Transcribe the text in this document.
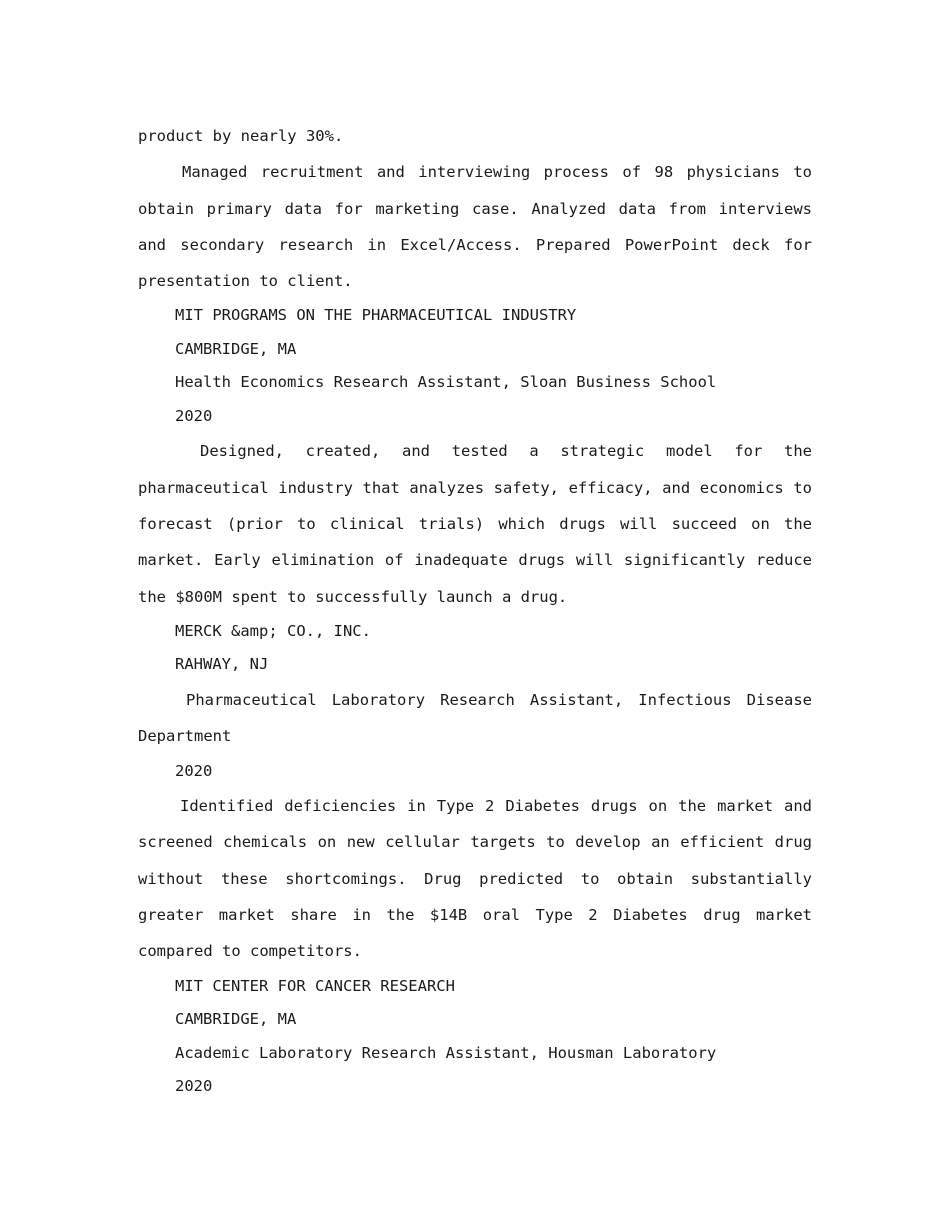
product by nearly 30%.

Managed recruitment and interviewing process of 98 physicians to obtain primary data for marketing case. Analyzed data from interviews and secondary research in Excel/Access. Prepared PowerPoint deck for presentation to client.

MIT PROGRAMS ON THE PHARMACEUTICAL INDUSTRY

CAMBRIDGE, MA

Health Economics Research Assistant, Sloan Business School

2020

Designed, created, and tested a strategic model for the pharmaceutical industry that analyzes safety, efficacy, and economics to forecast (prior to clinical trials) which drugs will succeed on the market. Early elimination of inadequate drugs will significantly reduce the $800M spent to successfully launch a drug.

MERCK &amp; CO., INC.

RAHWAY, NJ

Pharmaceutical Laboratory Research Assistant, Infectious Disease Department

2020

Identified deficiencies in Type 2 Diabetes drugs on the market and screened chemicals on new cellular targets to develop an efficient drug without these shortcomings. Drug predicted to obtain substantially greater market share in the $14B oral Type 2 Diabetes drug market compared to competitors.

MIT CENTER FOR CANCER RESEARCH

CAMBRIDGE, MA

Academic Laboratory Research Assistant, Housman Laboratory

2020
